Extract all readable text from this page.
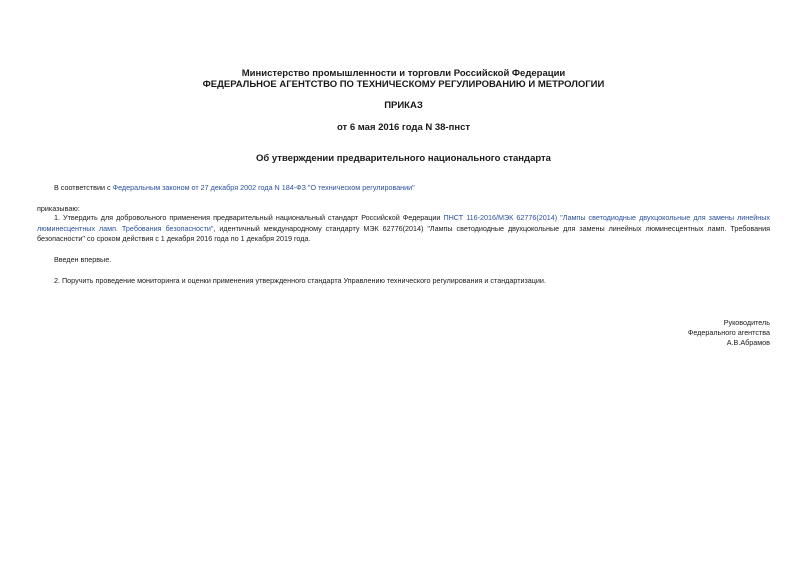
Министерство промышленности и торговли Российской Федерации
ФЕДЕРАЛЬНОЕ АГЕНТСТВО ПО ТЕХНИЧЕСКОМУ РЕГУЛИРОВАНИЮ И МЕТРОЛОГИИ
ПРИКАЗ
от 6 мая 2016 года N 38-пнст
Об утверждении предварительного национального стандарта
В соответствии с Федеральным законом от 27 декабря 2002 года N 184-ФЗ "О техническом регулировании"
приказываю:
1. Утвердить для добровольного применения предварительный национальный стандарт Российской Федерации ПНСТ 116-2016/МЭК 62776(2014) "Лампы светодиодные двухцокольные для замены линейных люминесцентных ламп. Требования безопасности", идентичный международному стандарту МЭК 62776(2014) "Лампы светодиодные двухцокольные для замены линейных люминесцентных ламп. Требования безопасности" со сроком действия с 1 декабря 2016 года по 1 декабря 2019 года.
Введен впервые.
2. Поручить проведение мониторинга и оценки применения утвержденного стандарта Управлению технического регулирования и стандартизации.
Руководитель
Федерального агентства
А.В.Абрамов
